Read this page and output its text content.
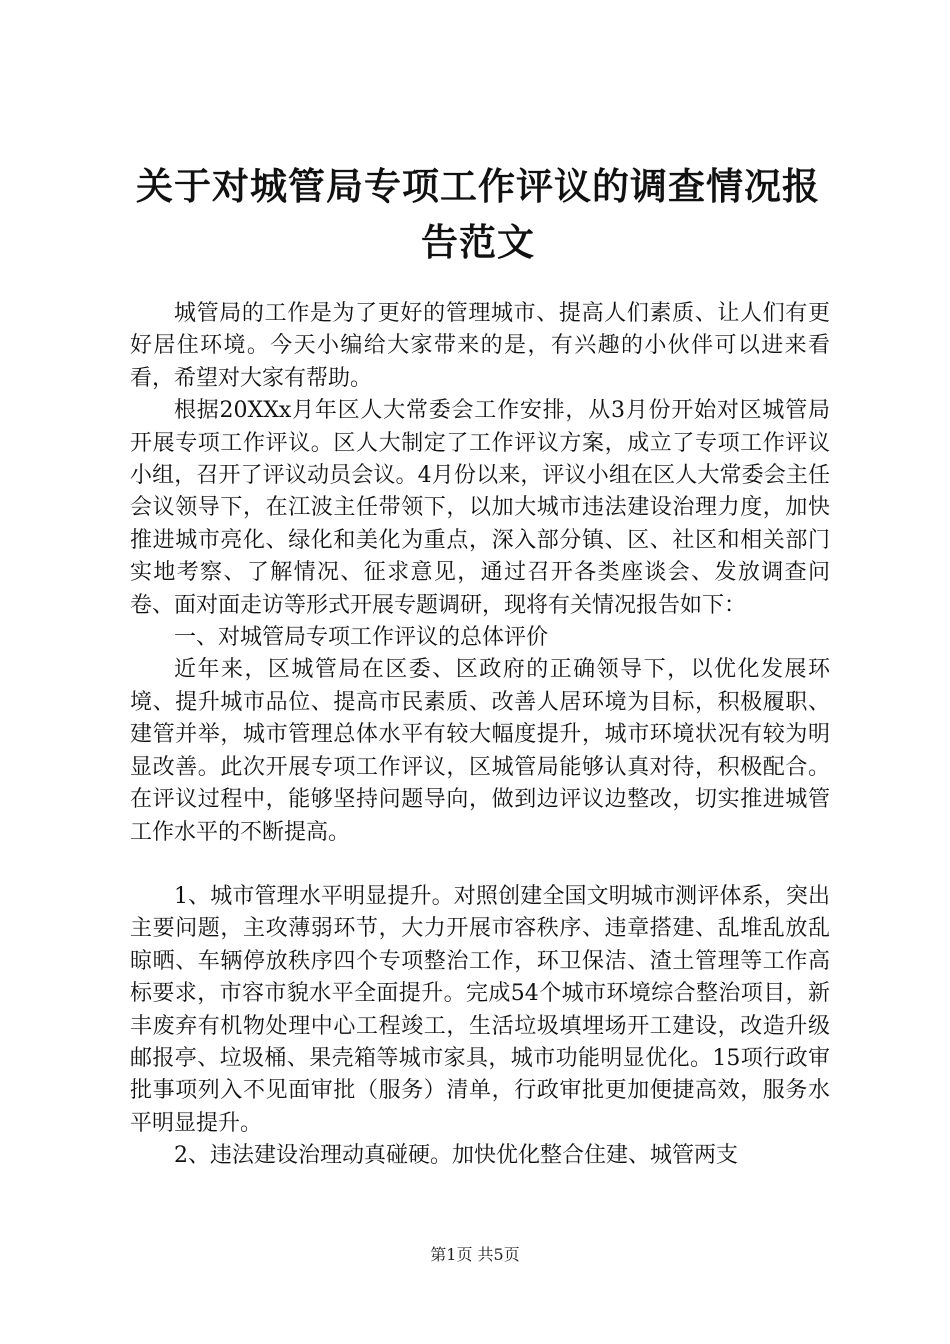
关于对城管局专项工作评议的调查情况报告范文

城管局的工作是为了更好的管理城市、提高人们素质、让人们有更好居住环境。今天小编给大家带来的是，有兴趣的小伙伴可以进来看看，希望对大家有帮助。

根据20XXx月年区人大常委会工作安排，从3月份开始对区城管局开展专项工作评议。区人大制定了工作评议方案，成立了专项工作评议小组，召开了评议动员会议。4月份以来，评议小组在区人大常委会主任会议领导下，在江波主任带领下，以加大城市违法建设治理力度，加快推进城市亮化、绿化和美化为重点，深入部分镇、区、社区和相关部门实地考察、了解情况、征求意见，通过召开各类座谈会、发放调查问卷、面对面走访等形式开展专题调研，现将有关情况报告如下：

一、对城管局专项工作评议的总体评价

近年来，区城管局在区委、区政府的正确领导下，以优化发展环境、提升城市品位、提高市民素质、改善人居环境为目标，积极履职、建管并举，城市管理总体水平有较大幅度提升，城市环境状况有较为明显改善。此次开展专项工作评议，区城管局能够认真对待，积极配合。在评议过程中，能够坚持问题导向，做到边评议边整改，切实推进城管工作水平的不断提高。

1、城市管理水平明显提升。对照创建全国文明城市测评体系，突出主要问题，主攻薄弱环节，大力开展市容秩序、违章搭建、乱堆乱放乱晾晒、车辆停放秩序四个专项整治工作，环卫保洁、渣土管理等工作高标要求，市容市貌水平全面提升。完成54个城市环境综合整治项目，新丰废弃有机物处理中心工程竣工，生活垃圾填埋场开工建设，改造升级邮报亭、垃圾桶、果壳箱等城市家具，城市功能明显优化。15项行政审批事项列入不见面审批（服务）清单，行政审批更加便捷高效，服务水平明显提升。

2、违法建设治理动真碰硬。加快优化整合住建、城管两支

第1页 共5页
